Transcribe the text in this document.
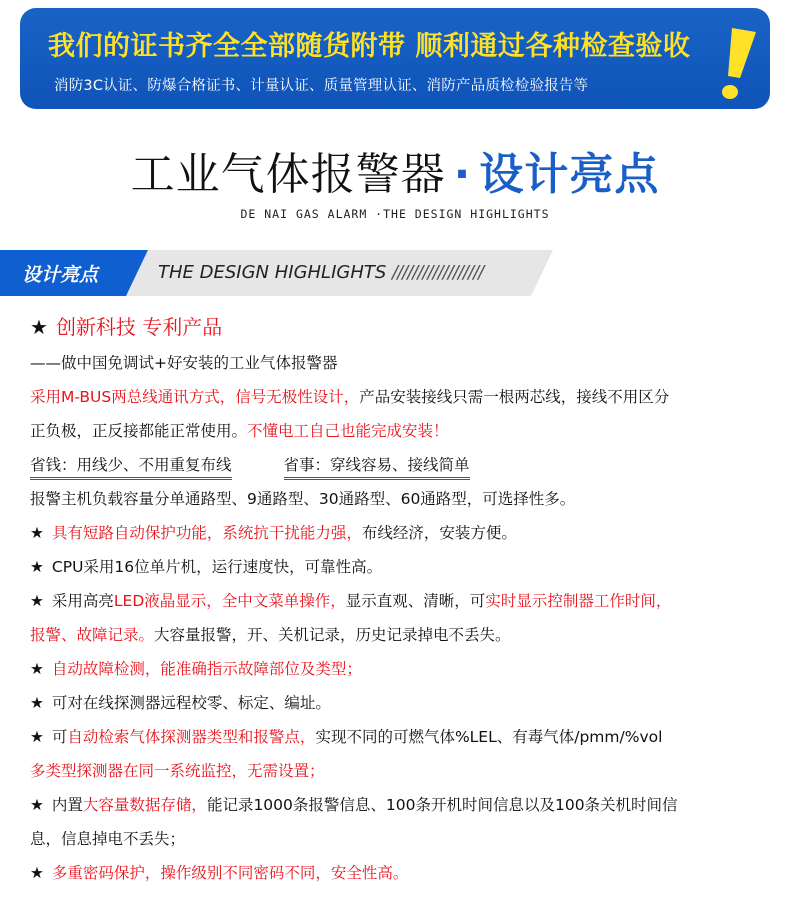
我们的证书齐全全部随货附带 顺利通过各种检查验收
消防3C认证、防爆合格证书、计量认证、质量管理认证、消防产品质检检验报告等
工业气体报警器 · 设计亮点
DE NAI GAS ALARM ·THE DESIGN HIGHLIGHTS
设计亮点	THE DESIGN HIGHLIGHTS //////////////////
★ 创新科技 专利产品
——做中国免调试+好安装的工业气体报警器
采用M-BUS两总线通讯方式，信号无极性设计，产品安装接线只需一根两芯线，接线不用区分
正负极，正反接都能正常使用。不懂电工自己也能完成安装！
省钱：用线少、不用重复布线	省事：穿线容易、接线简单
报警主机负载容量分单通路型、9通路型、30通路型、60通路型，可选择性多。
★ 具有短路自动保护功能，系统抗干扰能力强，布线经济，安装方便。
★ CPU采用16位单片机，运行速度快，可靠性高。
★ 采用高亮LED液晶显示，全中文菜单操作，显示直观、清晰，可实时显示控制器工作时间，
报警、故障记录。大容量报警，开、关机记录，历史记录掉电不丢失。
★ 自动故障检测，能准确指示故障部位及类型；
★ 可对在线探测器远程校零、标定、编址。
★ 可自动检索气体探测器类型和报警点，实现不同的可燃气体%LEL、有毒气体/pmm/%vol
多类型探测器在同一系统监控，无需设置；
★ 内置大容量数据存储，能记录1000条报警信息、100条开机时间信息以及100条关机时间信
息，信息掉电不丢失；
★ 多重密码保护，操作级别不同密码不同，安全性高。
